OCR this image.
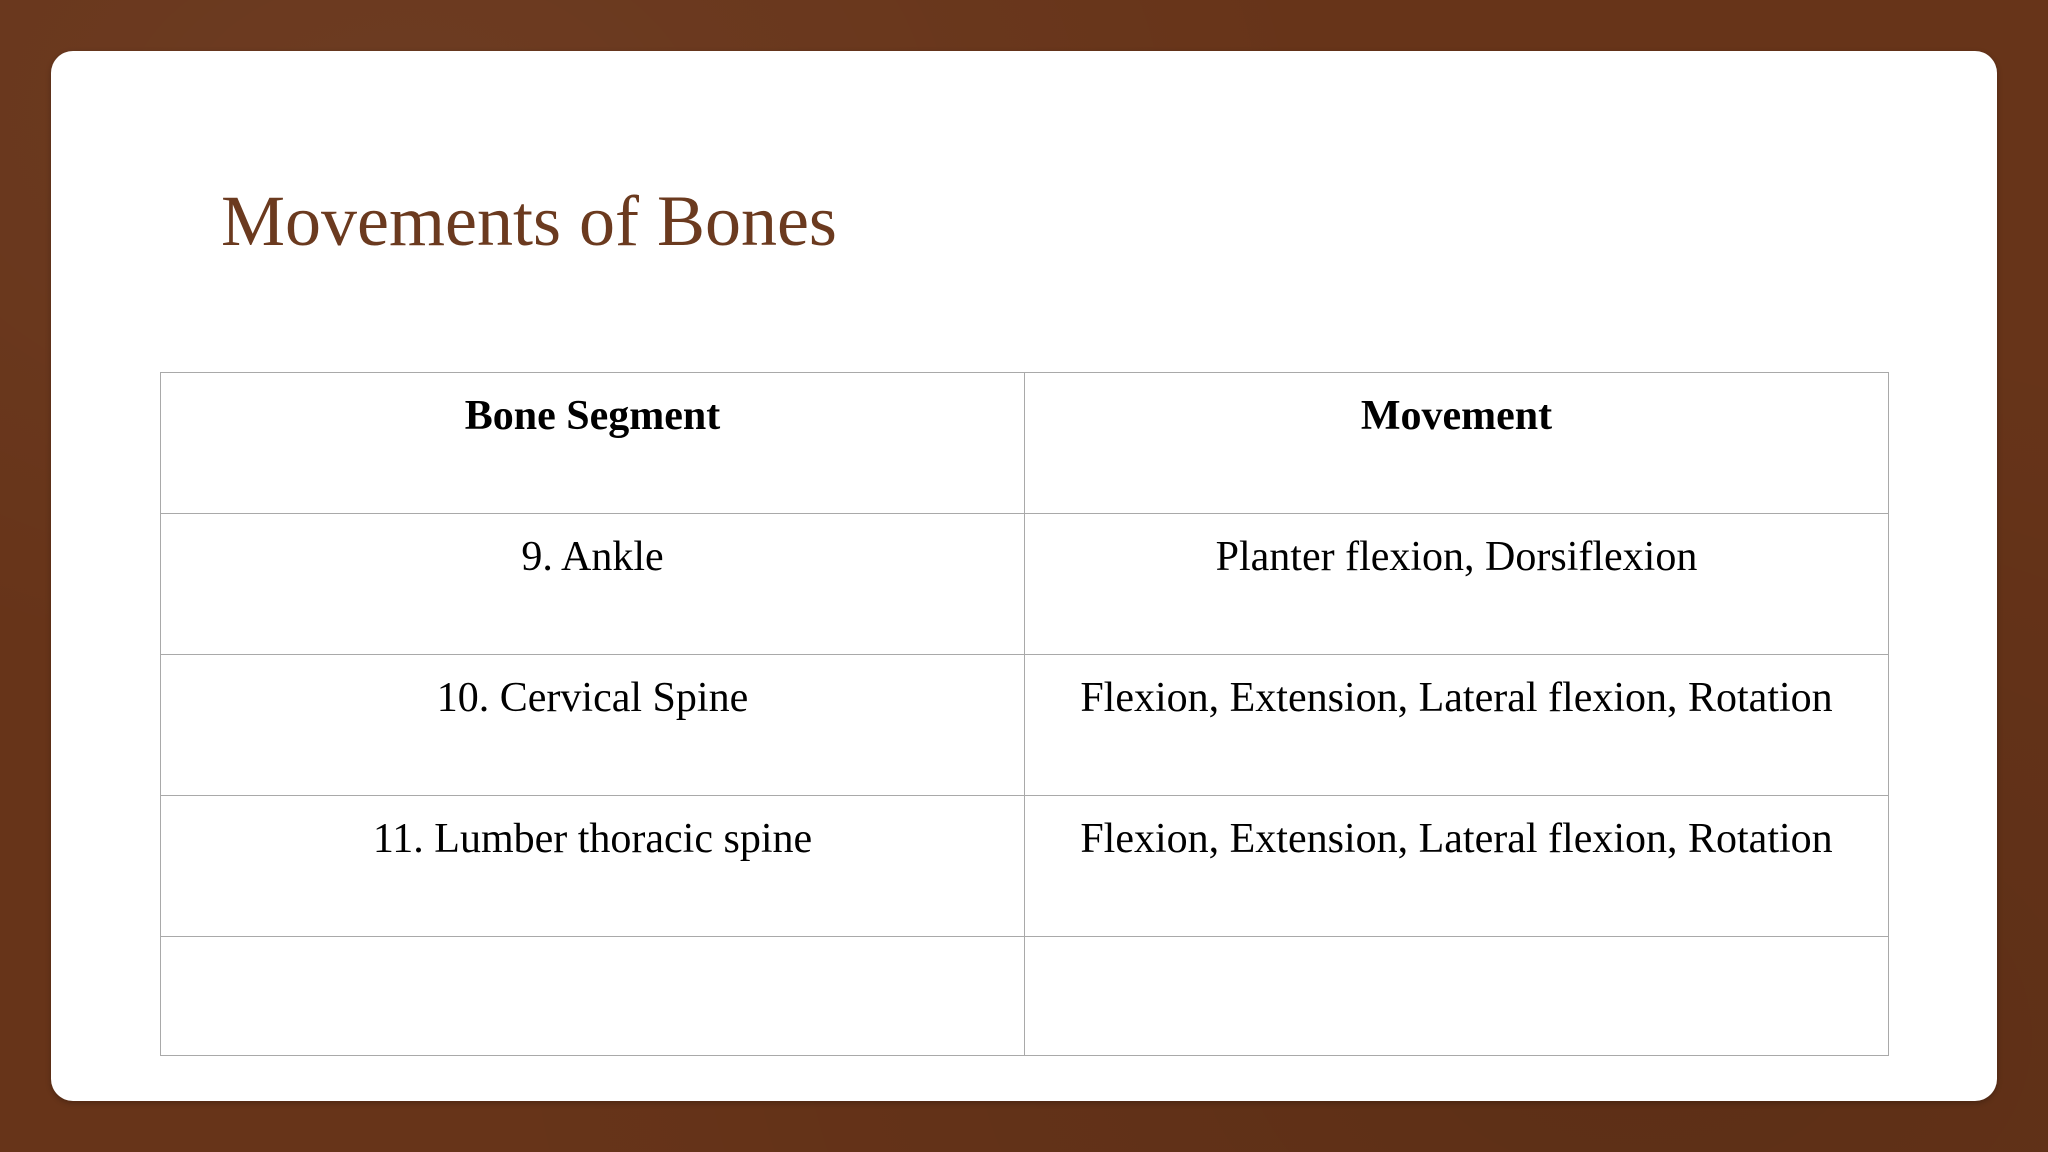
Movements of Bones
Bone Segment	Movement
9. Ankle	Planter flexion, Dorsiflexion
10. Cervical Spine	Flexion, Extension, Lateral flexion, Rotation
11. Lumber thoracic spine	Flexion, Extension, Lateral flexion, Rotation
